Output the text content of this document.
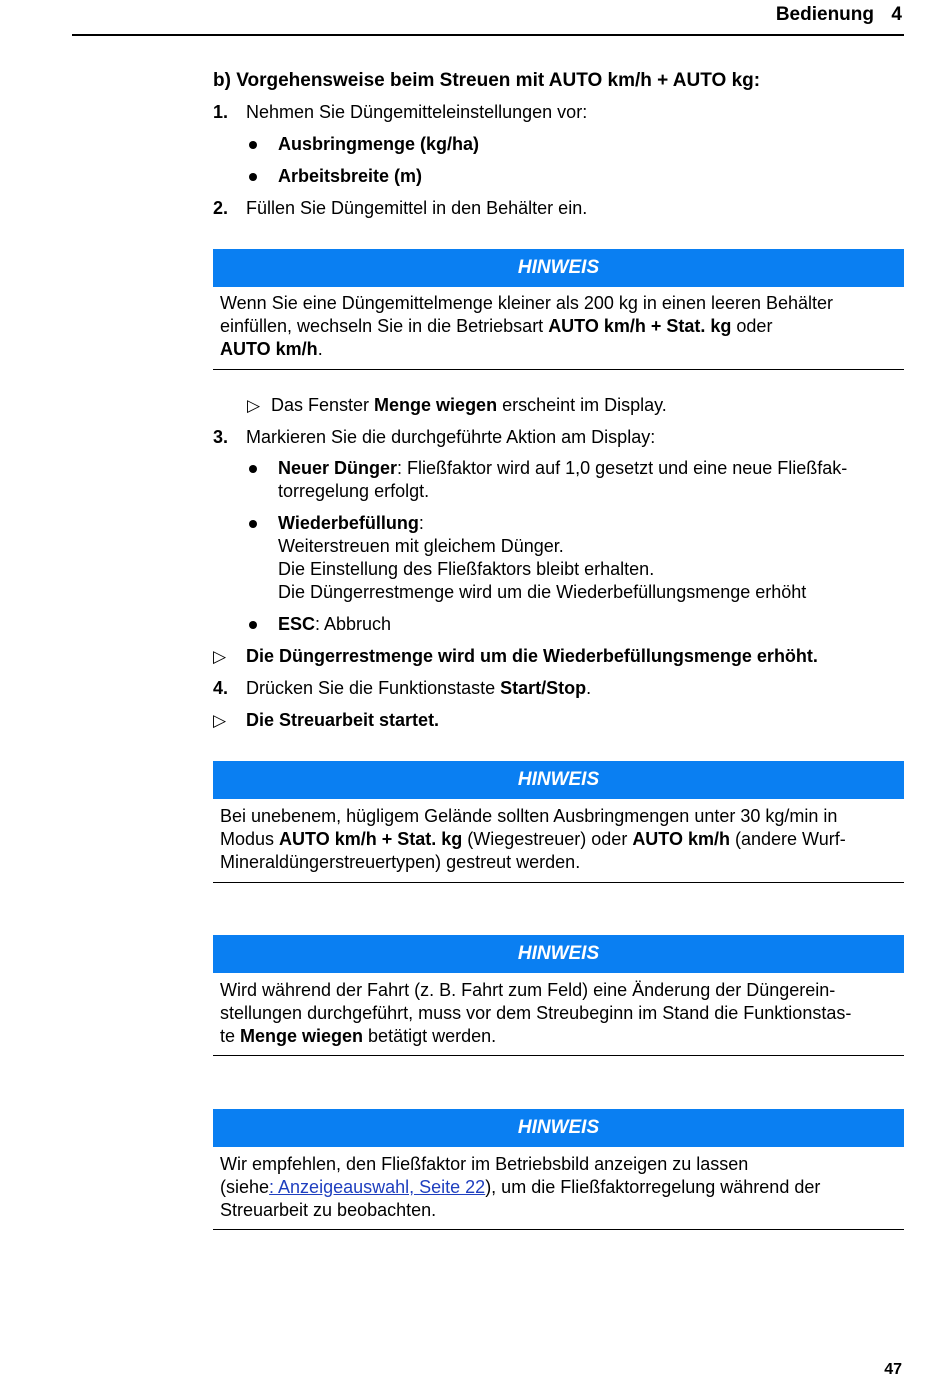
Bedienung 4
b) Vorgehensweise beim Streuen mit AUTO km/h + AUTO kg:
1. Nehmen Sie Düngemitteleinstellungen vor:
Ausbringmenge (kg/ha)
Arbeitsbreite (m)
2. Füllen Sie Düngemittel in den Behälter ein.
HINWEIS
Wenn Sie eine Düngemittelmenge kleiner als 200 kg in einen leeren Behälter
einfüllen, wechseln Sie in die Betriebsart AUTO km/h + Stat. kg oder
AUTO km/h.
▷ Das Fenster Menge wiegen erscheint im Display.
3. Markieren Sie die durchgeführte Aktion am Display:
Neuer Dünger: Fließfaktor wird auf 1,0 gesetzt und eine neue Fließfak-
torregelung erfolgt.
Wiederbefüllung:
Weiterstreuen mit gleichem Dünger.
Die Einstellung des Fließfaktors bleibt erhalten.
Die Düngerrestmenge wird um die Wiederbefüllungsmenge erhöht
ESC: Abbruch
▷ Die Düngerrestmenge wird um die Wiederbefüllungsmenge erhöht.
4. Drücken Sie die Funktionstaste Start/Stop.
▷ Die Streuarbeit startet.
HINWEIS
Bei unebenem, hügligem Gelände sollten Ausbringmengen unter 30 kg/min in
Modus AUTO km/h + Stat. kg (Wiegestreuer) oder AUTO km/h (andere Wurf-
Mineraldüngerstreuertypen) gestreut werden.
HINWEIS
Wird während der Fahrt (z. B. Fahrt zum Feld) eine Änderung der Düngerein-
stellungen durchgeführt, muss vor dem Streubeginn im Stand die Funktionstas-
te Menge wiegen betätigt werden.
HINWEIS
Wir empfehlen, den Fließfaktor im Betriebsbild anzeigen zu lassen
(siehe: Anzeigeauswahl, Seite 22), um die Fließfaktorregelung während der
Streuarbeit zu beobachten.
47
